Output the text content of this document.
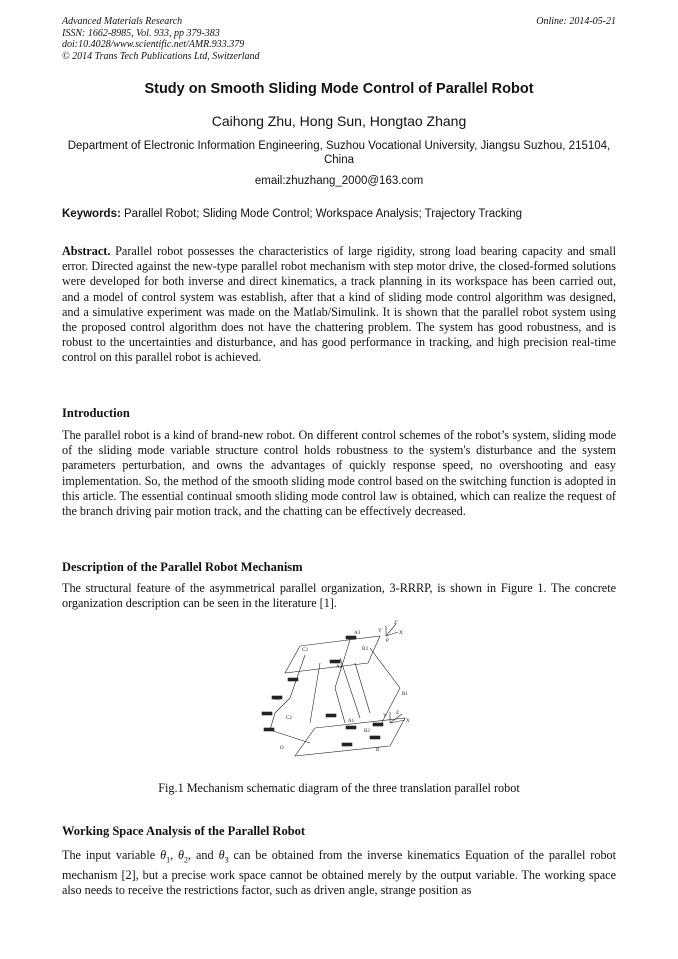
Advanced Materials Research
ISSN: 1662-8985, Vol. 933, pp 379-383
doi:10.4028/www.scientific.net/AMR.933.379
© 2014 Trans Tech Publications Ltd, Switzerland
Online: 2014-05-21
Study on Smooth Sliding Mode Control of Parallel Robot
Caihong Zhu, Hong Sun, Hongtao Zhang
Department of Electronic Information Engineering, Suzhou Vocational University, Jiangsu Suzhou, 215104, China
email:zhuzhang_2000@163.com
Keywords: Parallel Robot; Sliding Mode Control; Workspace Analysis; Trajectory Tracking
Abstract. Parallel robot possesses the characteristics of large rigidity, strong load bearing capacity and small error. Directed against the new-type parallel robot mechanism with step motor drive, the closed-formed solutions were developed for both inverse and direct kinematics, a track planning in its workspace has been carried out, and a model of control system was establish, after that a kind of sliding mode control algorithm was designed, and a simulative experiment was made on the Matlab/Simulink. It is shown that the parallel robot system using the proposed control algorithm does not have the chattering problem. The system has good robustness, and is robust to the uncertainties and disturbance, and has good performance in tracking, and high precision real-time control on this parallel robot is achieved.
Introduction
The parallel robot is a kind of brand-new robot. On different control schemes of the robot’s system, sliding mode of the sliding mode variable structure control holds robustness to the system's disturbance and the system parameters perturbation, and owns the advantages of quickly response speed, no overshooting and easy implementation. So, the method of the smooth sliding mode control based on the switching function is adopted in this article. The essential continual smooth sliding mode control law is obtained, which can realize the request of the branch driving pair motion track, and the chatting can be effectively decreased.
Description of the Parallel Robot Mechanism
The structural feature of the asymmetrical parallel organization, 3-RRRP, is shown in Figure 1. The concrete organization description can be seen in the literature [1].
Z'
Y'	X'
P
A3
B3
C3
A2
C1
B1
C2
A1
B2
O
Z
Y
X
B
Fig.1 Mechanism schematic diagram of the three translation parallel robot
Working Space Analysis of the Parallel Robot
The input variable $\theta_1$, $\theta_2$, and $\theta_3$ can be obtained from the inverse kinematics Equation of the parallel robot mechanism [2], but a precise work space cannot be obtained merely by the output variable. The working space also needs to receive the restrictions factor, such as driven angle, strange position as
